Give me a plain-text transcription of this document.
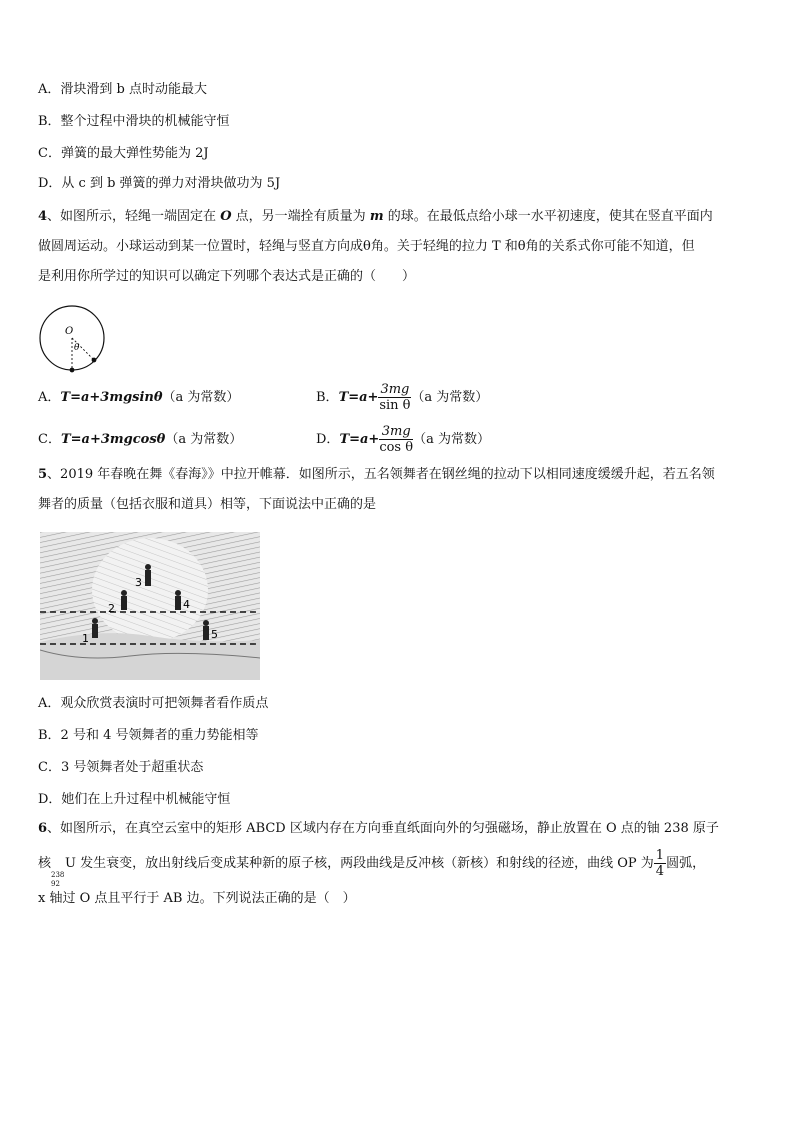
A．滑块滑到 b 点时动能最大
B．整个过程中滑块的机械能守恒
C．弹簧的最大弹性势能为 2J
D．从 c 到 b 弹簧的弹力对滑块做功为 5J
4、如图所示，轻绳一端固定在 O 点，另一端拴有质量为 m 的球。在最低点给小球一水平初速度，使其在竖直平面内
做圆周运动。小球运动到某一位置时，轻绳与竖直方向成θ角。关于轻绳的拉力 T 和θ角的关系式你可能不知道，但
是利用你所学过的知识可以确定下列哪个表达式是正确的（　　）
O
θ
A．T=a+3mgsinθ（a 为常数）	B．$T=a+ \frac{3mg}{\text{sin θ}} (a$ 为常数）
C．T=a+3mgcosθ（a 为常数）	D．$T=a+ \frac{3mg}{\text{cos θ}} (a$ 为常数）
5、2019 年春晚在舞《春海》》中拉开帷幕．如图所示，五名领舞者在钢丝绳的拉动下以相同速度缓缓升起，若五名领
舞者的质量（包括衣服和道具）相等，下面说法中正确的是
1
2
3
4
5
A．观众欣赏表演时可把领舞者看作质点
B．2 号和 4 号领舞者的重力势能相等
C．3 号领舞者处于超重状态
D．她们在上升过程中机械能守恒
6、如图所示，在真空云室中的矩形 ABCD 区域内存在方向垂直纸面向外的匀强磁场，静止放置在 O 点的铀 238 原子
核
238
92
U 发生衰变，放出射线后变成某种新的原子核，两段曲线是反冲核（新核）和射线的径迹，曲线 OP 为 $\frac{1}{4}$ 圆弧，
x 轴过 O 点且平行于 AB 边。下列说法正确的是（　）
